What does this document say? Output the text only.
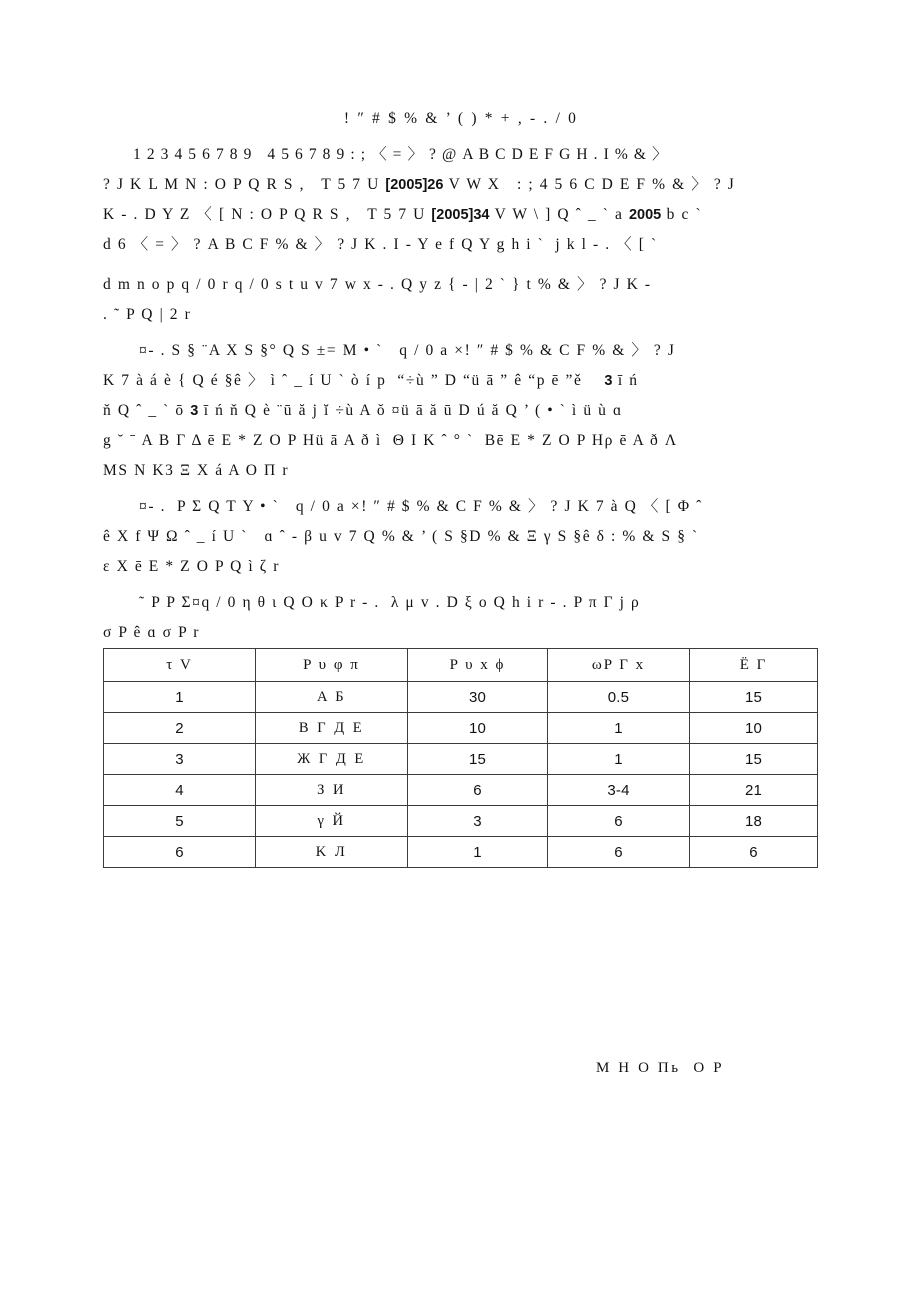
! ″ # $ % & ’ ( ) * + , - . / 0
1 2 3 4 5 6 7 8 9   4 5 6 7 8 9 : ; 〈 = 〉 ? @ A B C D E F G H . I % & 〉
? J K L M N : O P Q R S ,   T 5 7 U [2005]26 V W X   : ; 4 5 6 C D E F % & 〉 ? J
K - . D Y Z 〈 [ N : O P Q R S ,   T 5 7 U [2005]34 V W \ ] Q ˆ _ ˋ a 2005 b c ˋ
d 6 〈 = 〉 ? A B C F % & 〉 ? J K . I - Y e f Q Y g h i ˋ  j k l - . 〈 [ ˋ
d m n o p q / 0 r q / 0 s t u v 7 w x - . Q y z { - | 2 ˋ } t % & 〉 ? J K -
. ˜ P Q | 2 r
¤- . S § ¨A X S §° Q S ±= M • ˋ   q / 0 a ×! ″ # $ % & C F % & 〉 ? J
K 7 à á è { Q é §ê 〉 ì ˆ _ í U ˋ ò í p  “÷ù ” D “ü ā ” ê “p ē ”ě    3 ī ń
ň Q ˆ _ ˋ ō 3 ī ń ň Q è ¨ū ă j ĭ ÷ù A ŏ ¤ü ā ă ū D ú ă Q ’ ( • ˋ ì ü ù ɑ
g ˘ ˉ A B Γ Δ ē E * Z O P Hü ā A ð ì  Θ I K ˆ ° ˋ  Bē E * Z O P Hρ ē A ð Λ
MS N K3 Ξ X á A O Π r
¤- .  P Σ Q T Υ • ˋ   q / 0 a ×! ″ # $ % & C F % & 〉 ? J K 7 à Q 〈 [ Φ ˆ
ê X f Ψ Ω ˆ _ í U ˋ   ɑ ˆ - β u v 7 Q % & ’ ( S §D % & Ξ γ S §ê δ : % & S § ˋ
ε X ē E * Z O P Q ì ζ r
˜ P P Σ¤q / 0 η θ ι Q O κ P r - .  λ μ v . D ξ o Q h i r - . P π Γ j ρ
σ P ê ɑ σ P r
τ V	P υ φ π	P υ x ϕ	ωP Γ x	Ё Γ
1	A Б	30	0.5	15
2	B Г Д E	10	1	10
3	Ж Г Д E	15	1	15
4	З И	6	3-4	21
5	γ Й	3	6	18
6	K Л	1	6	6
M H O Пь  O P
